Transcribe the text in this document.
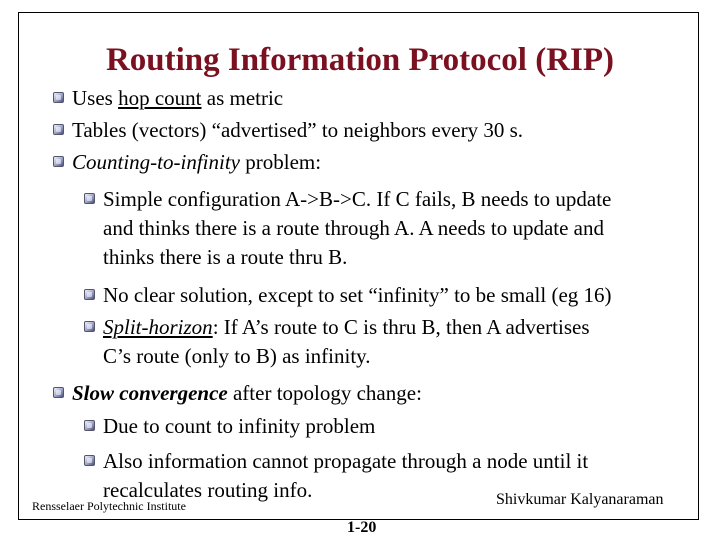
Routing Information Protocol (RIP)
Uses hop count as metric
Tables (vectors) “advertised” to neighbors every 30 s.
Counting-to-infinity problem:
Simple configuration A->B->C. If C fails, B needs to update
and thinks there is a route through A. A needs to update and
thinks there is a route thru B.
No clear solution, except to set “infinity” to be small (eg 16)
Split-horizon: If A’s route to C is thru B, then A advertises
C’s route (only to B) as infinity.
Slow convergence after topology change:
Due to count to infinity problem
Also information cannot propagate through a node until it
recalculates routing info.
Rensselaer Polytechnic Institute	Shivkumar Kalyanaraman
1-20
